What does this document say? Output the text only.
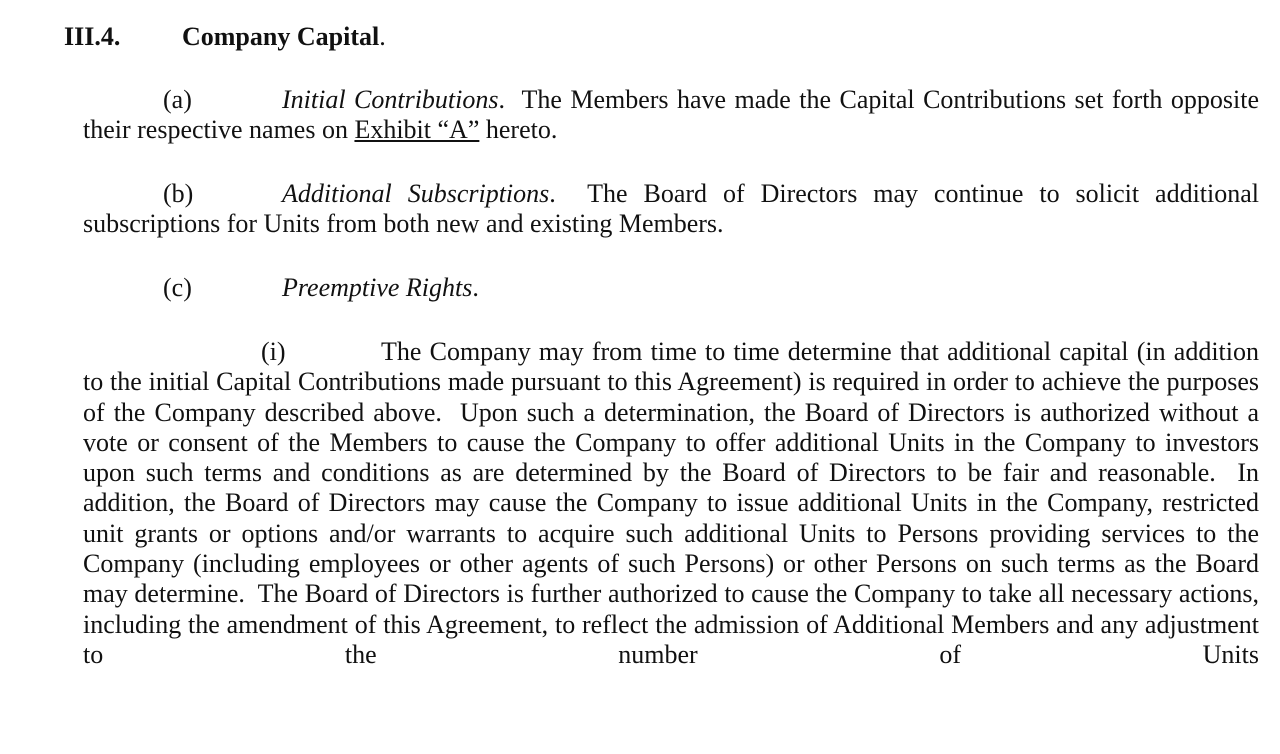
III.4. Company Capital.
(a)	Initial Contributions.  The Members have made the Capital Contributions set forth opposite their respective names on Exhibit “A” hereto.
(b)	Additional Subscriptions.  The Board of Directors may continue to solicit additional subscriptions for Units from both new and existing Members.
(c)	Preemptive Rights.
(i)	The Company may from time to time determine that additional capital (in addition to the initial Capital Contributions made pursuant to this Agreement) is required in order to achieve the purposes of the Company described above.  Upon such a determination, the Board of Directors is authorized without a vote or consent of the Members to cause the Company to offer additional Units in the Company to investors upon such terms and conditions as are determined by the Board of Directors to be fair and reasonable.  In addition, the Board of Directors may cause the Company to issue additional Units in the Company, restricted unit grants or options and/or warrants to acquire such additional Units to Persons providing services to the Company (including employees or other agents of such Persons) or other Persons on such terms as the Board may determine.  The Board of Directors is further authorized to cause the Company to take all necessary actions, including the amendment of this Agreement, to reflect the admission of Additional Members and any adjustment to the number of Units
